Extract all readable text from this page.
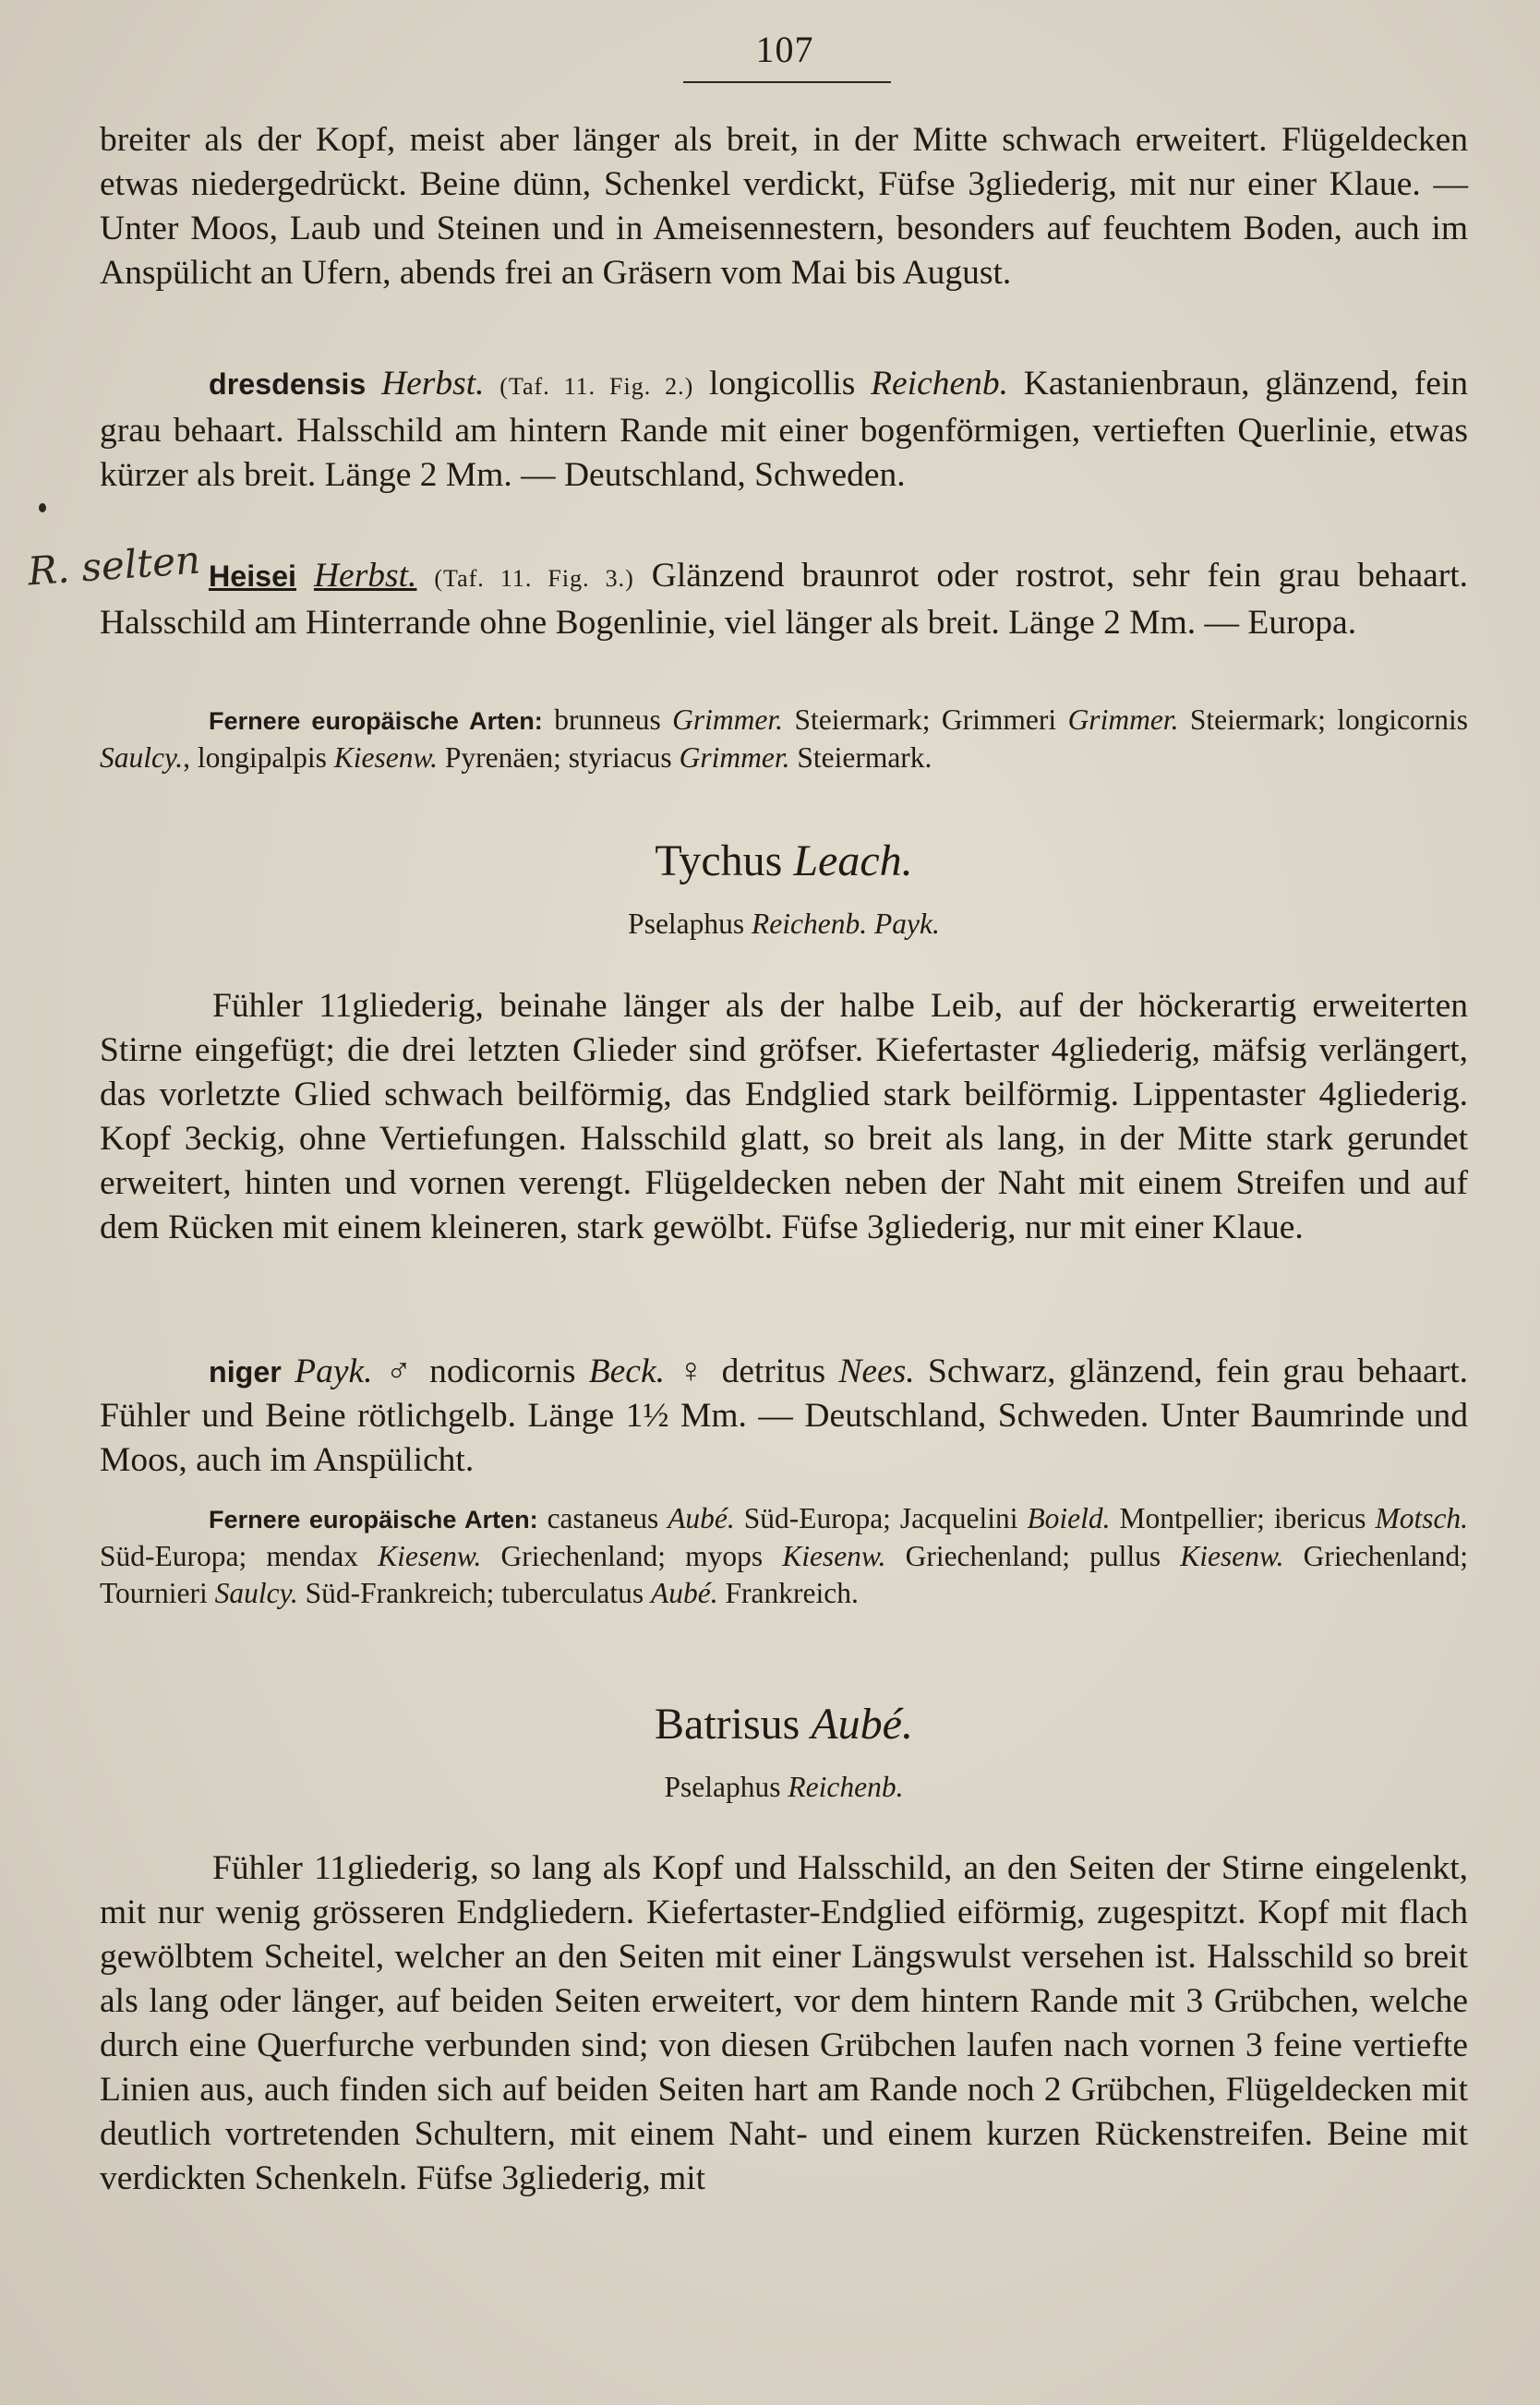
107

breiter als der Kopf, meist aber länger als breit, in der Mitte schwach erweitert. Flügeldecken etwas niedergedrückt. Beine dünn, Schenkel verdickt, Füfse 3gliederig, mit nur einer Klaue. — Unter Moos, Laub und Steinen und in Ameisennestern, besonders auf feuchtem Boden, auch im Anspülicht an Ufern, abends frei an Gräsern vom Mai bis August.

dresdensis Herbst. (Taf. 11. Fig. 2.) longicollis Reichenb. Kastanienbraun, glänzend, fein grau behaart. Halsschild am hintern Rande mit einer bogenförmigen, vertieften Querlinie, etwas kürzer als breit. Länge 2 Mm. — Deutschland, Schweden.

R. selten Heisei Herbst. (Taf. 11. Fig. 3.) Glänzend braunrot oder rostrot, sehr fein grau behaart. Halsschild am Hinterrande ohne Bogenlinie, viel länger als breit. Länge 2 Mm. — Europa.

Fernere europäische Arten: brunneus Grimmer. Steiermark; Grimmeri Grimmer. Steiermark; longicornis Saulcy., longipalpis Kiesenw. Pyrenäen; styriacus Grimmer. Steiermark.

Tychus Leach.
Pselaphus Reichenb. Payk.

Fühler 11gliederig, beinahe länger als der halbe Leib, auf der höckerartig erweiterten Stirne eingefügt; die drei letzten Glieder sind gröfser. Kiefertaster 4gliederig, mäfsig verlängert, das vorletzte Glied schwach beilförmig, das Endglied stark beilförmig. Lippentaster 4gliederig. Kopf 3eckig, ohne Vertiefungen. Halsschild glatt, so breit als lang, in der Mitte stark gerundet erweitert, hinten und vornen verengt. Flügeldecken neben der Naht mit einem Streifen und auf dem Rücken mit einem kleineren, stark gewölbt. Füfse 3gliederig, nur mit einer Klaue.

niger Payk. ♂ nodicornis Beck. ♀ detritus Nees. Schwarz, glänzend, fein grau behaart. Fühler und Beine rötlichgelb. Länge 1½ Mm. — Deutschland, Schweden. Unter Baumrinde und Moos, auch im Anspülicht.

Fernere europäische Arten: castaneus Aubé. Süd-Europa; Jacquelini Boield. Montpellier; ibericus Motsch. Süd-Europa; mendax Kiesenw. Griechenland; myops Kiesenw. Griechenland; pullus Kiesenw. Griechenland; Tournieri Saulcy. Süd-Frankreich; tuberculatus Aubé. Frankreich.

Batrisus Aubé.
Pselaphus Reichenb.

Fühler 11gliederig, so lang als Kopf und Halsschild, an den Seiten der Stirne eingelenkt, mit nur wenig grösseren Endgliedern. Kiefertaster-Endglied eiförmig, zugespitzt. Kopf mit flach gewölbtem Scheitel, welcher an den Seiten mit einer Längswulst versehen ist. Halsschild so breit als lang oder länger, auf beiden Seiten erweitert, vor dem hintern Rande mit 3 Grübchen, welche durch eine Querfurche verbunden sind; von diesen Grübchen laufen nach vornen 3 feine vertiefte Linien aus, auch finden sich auf beiden Seiten hart am Rande noch 2 Grübchen, Flügeldecken mit deutlich vortretenden Schultern, mit einem Naht- und einem kurzen Rückenstreifen. Beine mit verdickten Schenkeln. Füfse 3gliederig, mit
